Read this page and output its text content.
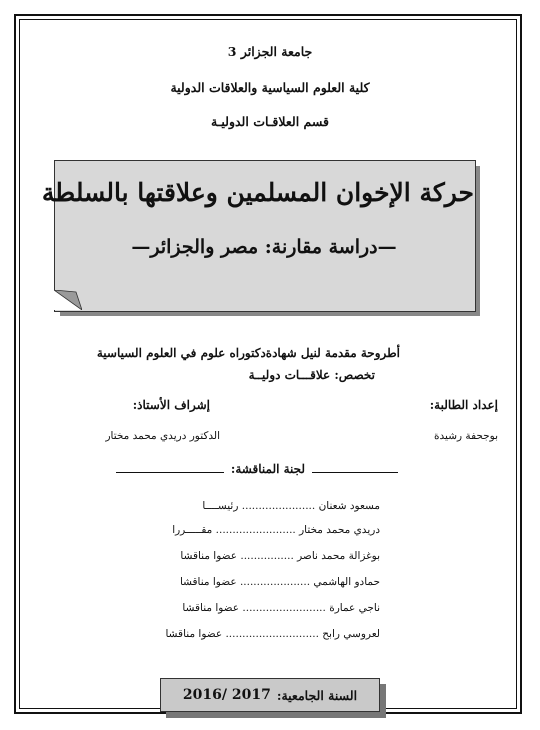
جامعة الجزائر 3
كلية العلوم السياسية والعلاقات الدولية
قسم العلاقـات الدوليـة
حركة الإخوان المسلمين وعلاقتها بالسلطة
—دراسة مقارنة: مصر والجزائر—
أطروحة مقدمة لنيل شهادةدكتوراه علوم في العلوم السياسية
تخصص: علاقـــات دوليــة
إعداد الطالبة:
إشراف الأستاذ:
بوجحفة رشيدة
الدكتور دريدي محمد مختار
لجنة المناقشة:
مسعود شعنان ...................... رئيســــا
دريدي محمد مختار ........................ مقـــــررا
بوغزالة محمد ناصر ................ عضوا مناقشا
حمادو الهاشمي ..................... عضوا مناقشا
ناجي عمارة ......................... عضوا مناقشا
لعروسي رابح ............................ عضوا مناقشا
السنة الجامعية:
2016/ 2017
